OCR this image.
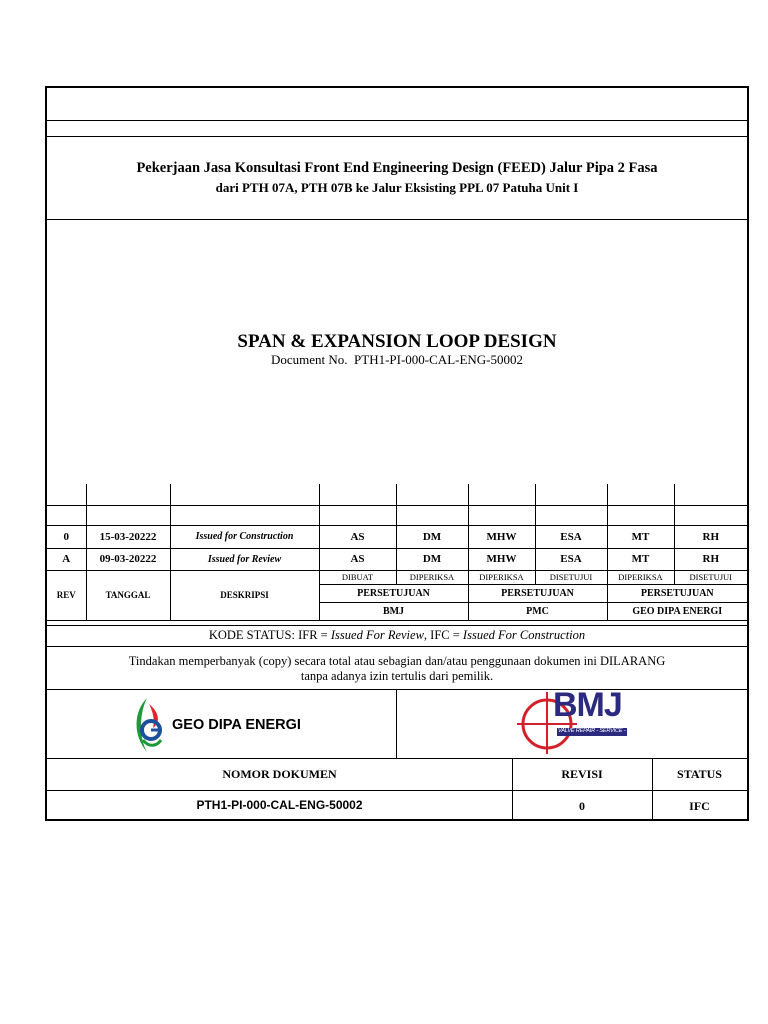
Pekerjaan Jasa Konsultasi Front End Engineering Design (FEED) Jalur Pipa 2 Fasa
dari PTH 07A, PTH 07B ke Jalur Eksisting PPL 07 Patuha Unit I
SPAN & EXPANSION LOOP DESIGN
Document No. PTH1-PI-000-CAL-ENG-50002

0	15-03-20222	Issued for Construction	AS	DM	MHW	ESA	MT	RH
A	09-03-20222	Issued for Review	AS	DM	MHW	ESA	MT	RH
REV	TANGGAL	DESKRIPSI	DIBUAT	DIPERIKSA	DIPERIKSA	DISETUJUI	DIPERIKSA	DISETUJUI
			PERSETUJUAN		PERSETUJUAN		PERSETUJUAN	
			BMJ		PMC		GEO DIPA ENERGI	
KODE STATUS: IFR = Issued For Review, IFC = Issued For Construction
Tindakan memperbanyak (copy) secara total atau sebagian dan/atau penggunaan dokumen ini DILARANG
tanpa adanya izin tertulis dari pemilik.
GEO DIPA ENERGI
BMJ
VALVE REPAIR - SERVICE - SUPPLY
NOMOR DOKUMEN	REVISI	STATUS
PTH1-PI-000-CAL-ENG-50002	0	IFC
